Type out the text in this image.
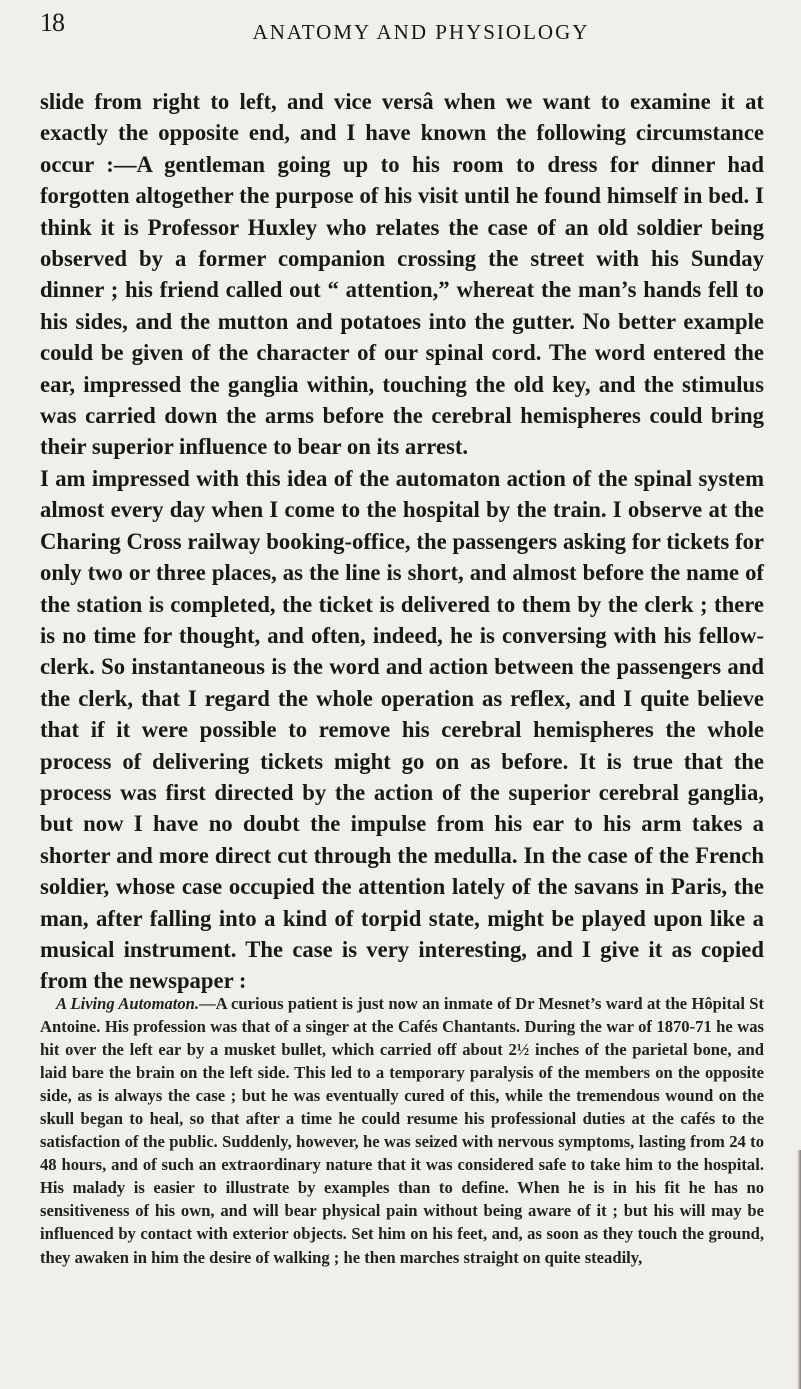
18	ANATOMY AND PHYSIOLOGY

slide from right to left, and vice versâ when we want to examine it at exactly the opposite end, and I have known the following circumstance occur :—A gentleman going up to his room to dress for dinner had forgotten altogether the purpose of his visit until he found himself in bed. I think it is Professor Huxley who relates the case of an old soldier being observed by a former companion crossing the street with his Sunday dinner ; his friend called out “ attention,” whereat the man’s hands fell to his sides, and the mutton and potatoes into the gutter. No better example could be given of the character of our spinal cord. The word entered the ear, impressed the ganglia within, touching the old key, and the stimulus was carried down the arms before the cerebral hemispheres could bring their superior influence to bear on its arrest.

I am impressed with this idea of the automaton action of the spinal system almost every day when I come to the hospital by the train. I observe at the Charing Cross railway booking-office, the passengers asking for tickets for only two or three places, as the line is short, and almost before the name of the station is completed, the ticket is delivered to them by the clerk ; there is no time for thought, and often, indeed, he is conversing with his fellow-clerk. So instantaneous is the word and action between the passengers and the clerk, that I regard the whole operation as reflex, and I quite believe that if it were possible to remove his cerebral hemispheres the whole process of delivering tickets might go on as before. It is true that the process was first directed by the action of the superior cerebral ganglia, but now I have no doubt the impulse from his ear to his arm takes a shorter and more direct cut through the medulla. In the case of the French soldier, whose case occupied the attention lately of the savans in Paris, the man, after falling into a kind of torpid state, might be played upon like a musical instrument. The case is very interesting, and I give it as copied from the newspaper :

A Living Automaton.—A curious patient is just now an inmate of Dr Mesnet’s ward at the Hôpital St Antoine. His profession was that of a singer at the Cafés Chantants. During the war of 1870-71 he was hit over the left ear by a musket bullet, which carried off about 2½ inches of the parietal bone, and laid bare the brain on the left side. This led to a temporary paralysis of the members on the opposite side, as is always the case ; but he was eventually cured of this, while the tremendous wound on the skull began to heal, so that after a time he could resume his professional duties at the cafés to the satisfaction of the public. Suddenly, however, he was seized with nervous symptoms, lasting from 24 to 48 hours, and of such an extraordinary nature that it was considered safe to take him to the hospital. His malady is easier to illustrate by examples than to define. When he is in his fit he has no sensitiveness of his own, and will bear physical pain without being aware of it ; but his will may be influenced by contact with exterior objects. Set him on his feet, and, as soon as they touch the ground, they awaken in him the desire of walking ; he then marches straight on quite steadily,
